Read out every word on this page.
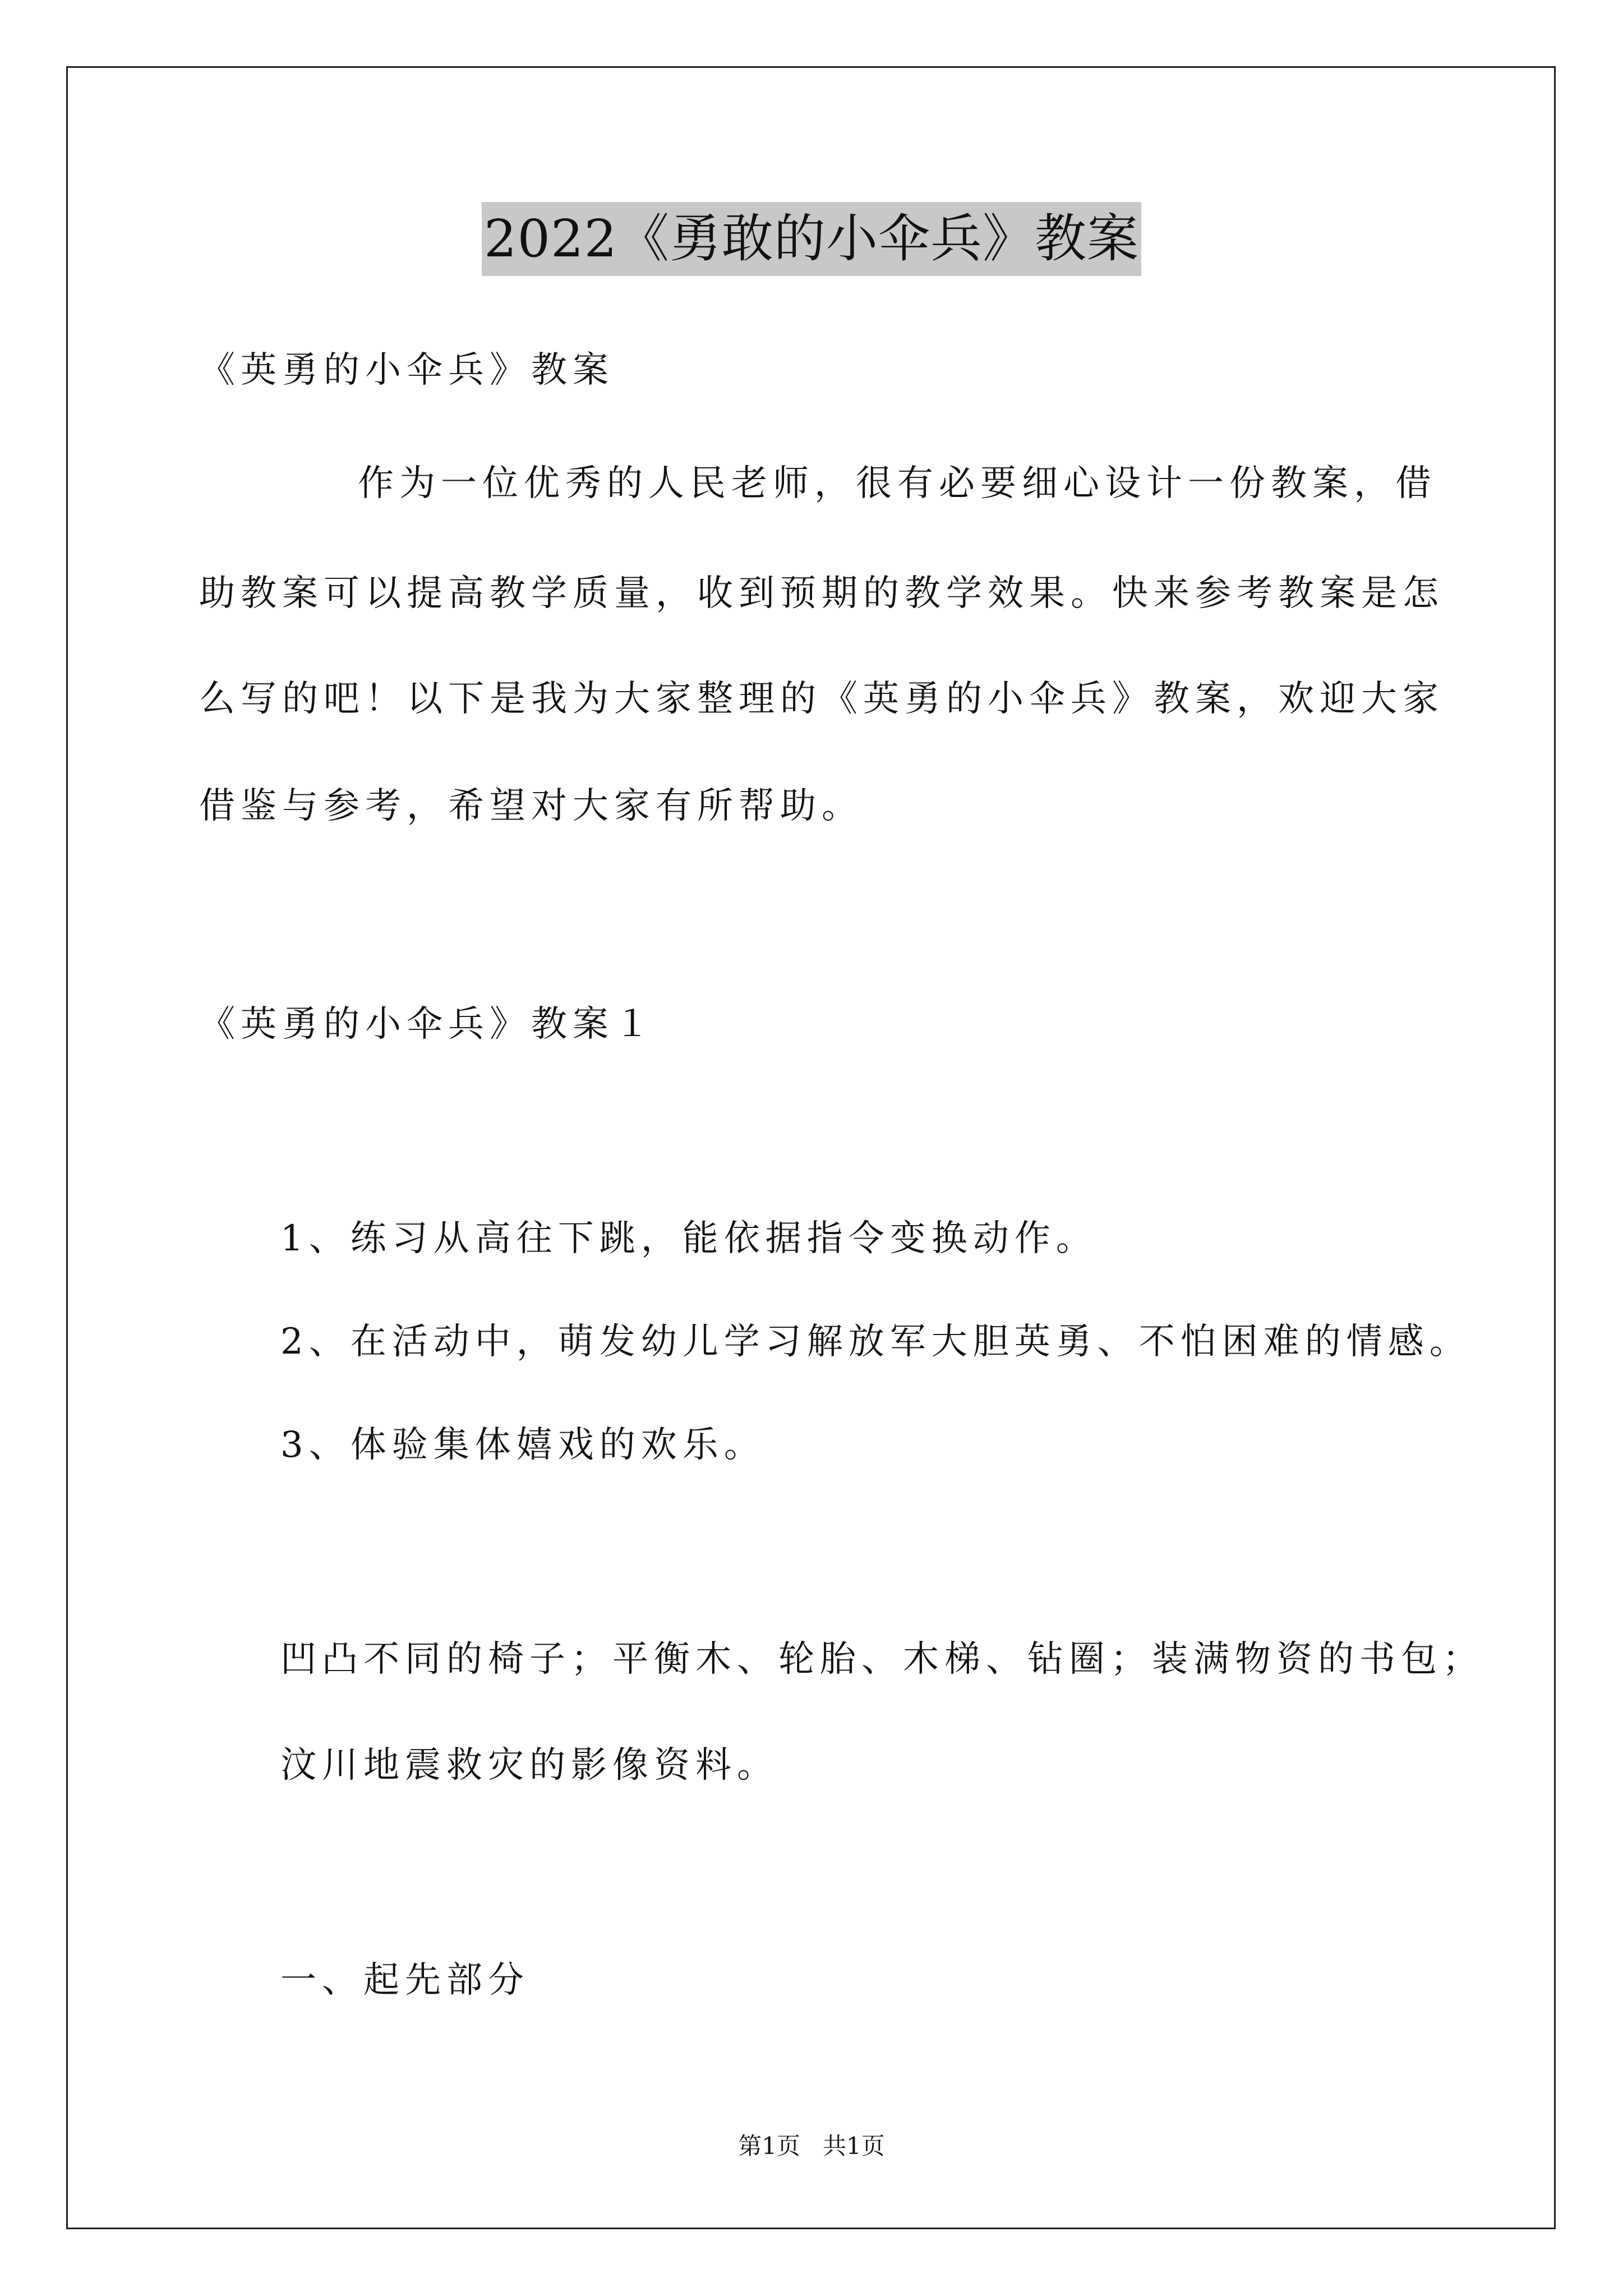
2022《勇敢的小伞兵》教案
《英勇的小伞兵》教案
作为一位优秀的人民老师，很有必要细心设计一份教案，借
助教案可以提高教学质量，收到预期的教学效果。快来参考教案是怎
么写的吧！以下是我为大家整理的《英勇的小伞兵》教案，欢迎大家
借鉴与参考，希望对大家有所帮助。
《英勇的小伞兵》教案１
1、练习从高往下跳，能依据指令变换动作。
2、在活动中，萌发幼儿学习解放军大胆英勇、不怕困难的情感。
3、体验集体嬉戏的欢乐。
凹凸不同的椅子；平衡木、轮胎、木梯、钻圈；装满物资的书包；
汶川地震救灾的影像资料。
一、起先部分
第1页   共1页
